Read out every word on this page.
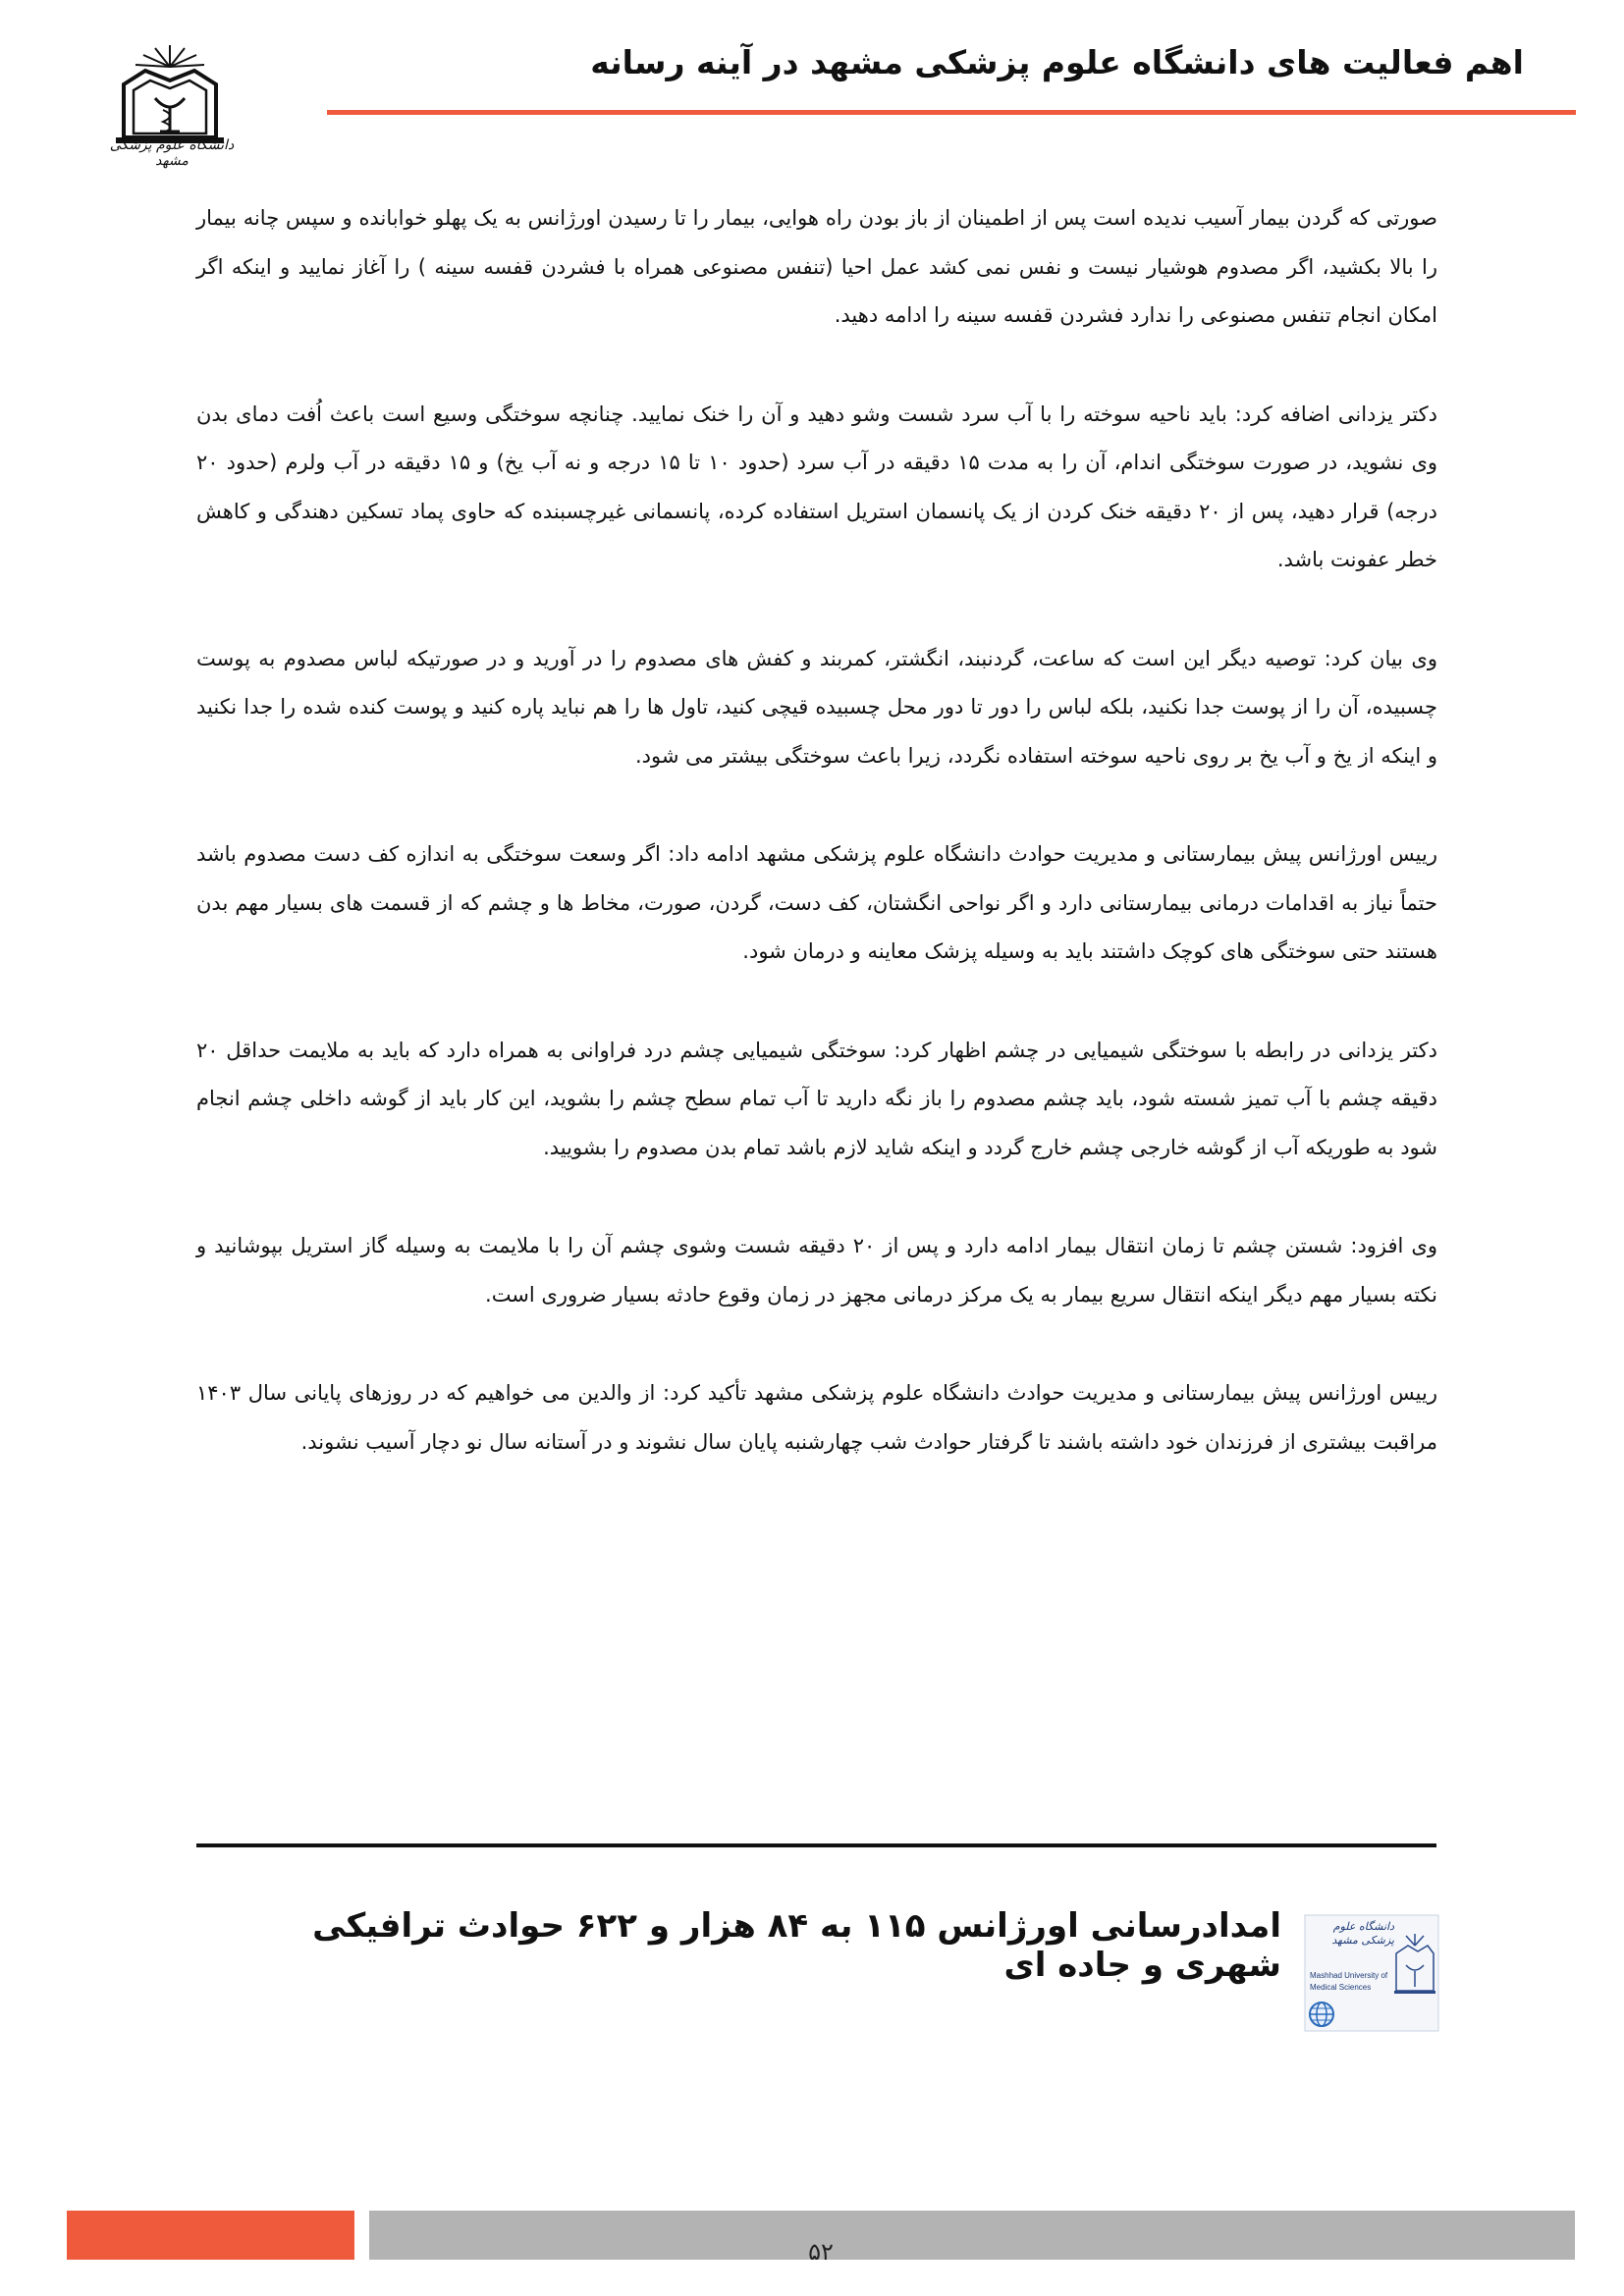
اهم فعالیت های دانشگاه علوم پزشکی مشهد در آینه رسانه
دانشگاه علوم پزشکی مشهد

صورتی که گردن بیمار آسیب ندیده است پس از اطمینان از باز بودن راه هوایی، بیمار را تا رسیدن اورژانس به یک پهلو خوابانده و سپس چانه بیمار را بالا بکشید، اگر مصدوم هوشیار نیست و نفس نمی کشد عمل احیا (تنفس مصنوعی همراه با فشردن قفسه سینه ) را آغاز نمایید و اینکه اگر امکان انجام تنفس مصنوعی را ندارد فشردن قفسه سینه را ادامه دهید.

دکتر یزدانی اضافه کرد: باید ناحیه سوخته را با آب سرد شست وشو دهید و آن را خنک نمایید. چنانچه سوختگی وسیع است باعث اُفت دمای بدن وی نشوید، در صورت سوختگی اندام، آن را به مدت ۱۵ دقیقه در آب سرد (حدود ۱۰ تا ۱۵ درجه و نه آب یخ) و ۱۵ دقیقه در آب ولرم (حدود ۲۰ درجه) قرار دهید، پس از ۲۰ دقیقه خنک کردن از یک پانسمان استریل استفاده کرده، پانسمانی غیرچسبنده که حاوی پماد تسکین دهندگی و کاهش خطر عفونت باشد.

وی بیان کرد: توصیه دیگر این است که ساعت، گردنبند، انگشتر، کمربند و کفش های مصدوم را در آورید و در صورتیکه لباس مصدوم به پوست چسبیده، آن را از پوست جدا نکنید، بلکه لباس را دور تا دور محل چسبیده قیچی کنید، تاول ها را هم نباید پاره کنید و پوست کنده شده را جدا نکنید و اینکه از یخ و آب یخ بر روی ناحیه سوخته استفاده نگردد، زیرا باعث سوختگی بیشتر می شود.

رییس اورژانس پیش بیمارستانی و مدیریت حوادث دانشگاه علوم پزشکی مشهد ادامه داد: اگر وسعت سوختگی به اندازه کف دست مصدوم باشد حتماً نیاز به اقدامات درمانی بیمارستانی دارد و اگر نواحی انگشتان، کف دست، گردن، صورت، مخاط ها و چشم که از قسمت های بسیار مهم بدن هستند حتی سوختگی های کوچک داشتند باید به وسیله پزشک معاینه و درمان شود.

دکتر یزدانی در رابطه با سوختگی شیمیایی در چشم اظهار کرد: سوختگی شیمیایی چشم درد فراوانی به همراه دارد که باید به ملایمت حداقل ۲۰ دقیقه چشم با آب تمیز شسته شود، باید چشم مصدوم را باز نگه دارید تا آب تمام سطح چشم را بشوید، این کار باید از گوشه داخلی چشم انجام شود به طوریکه آب از گوشه خارجی چشم خارج گردد و اینکه شاید لازم باشد تمام بدن مصدوم را بشویید.

وی افزود: شستن چشم تا زمان انتقال بیمار ادامه دارد و پس از ۲۰ دقیقه شست وشوی چشم آن را با ملایمت به وسیله گاز استریل بپوشانید و نکته بسیار مهم دیگر اینکه انتقال سریع بیمار به یک مرکز درمانی مجهز در زمان وقوع حادثه بسیار ضروری است.

رییس اورژانس پیش بیمارستانی و مدیریت حوادث دانشگاه علوم پزشکی مشهد تأکید کرد: از والدین می خواهیم که در روزهای پایانی سال ۱۴۰۳ مراقبت بیشتری از فرزندان خود داشته باشند تا گرفتار حوادث شب چهارشنبه پایان سال نشوند و در آستانه سال نو دچار آسیب نشوند.

دانشگاه علوم پزشکی مشهد
Mashhad University of
Medical Sciences
امدادرسانی اورژانس ۱۱۵ به ۸۴ هزار و ۶۲۲ حوادث ترافیکی شهری و جاده ای
۵۲
